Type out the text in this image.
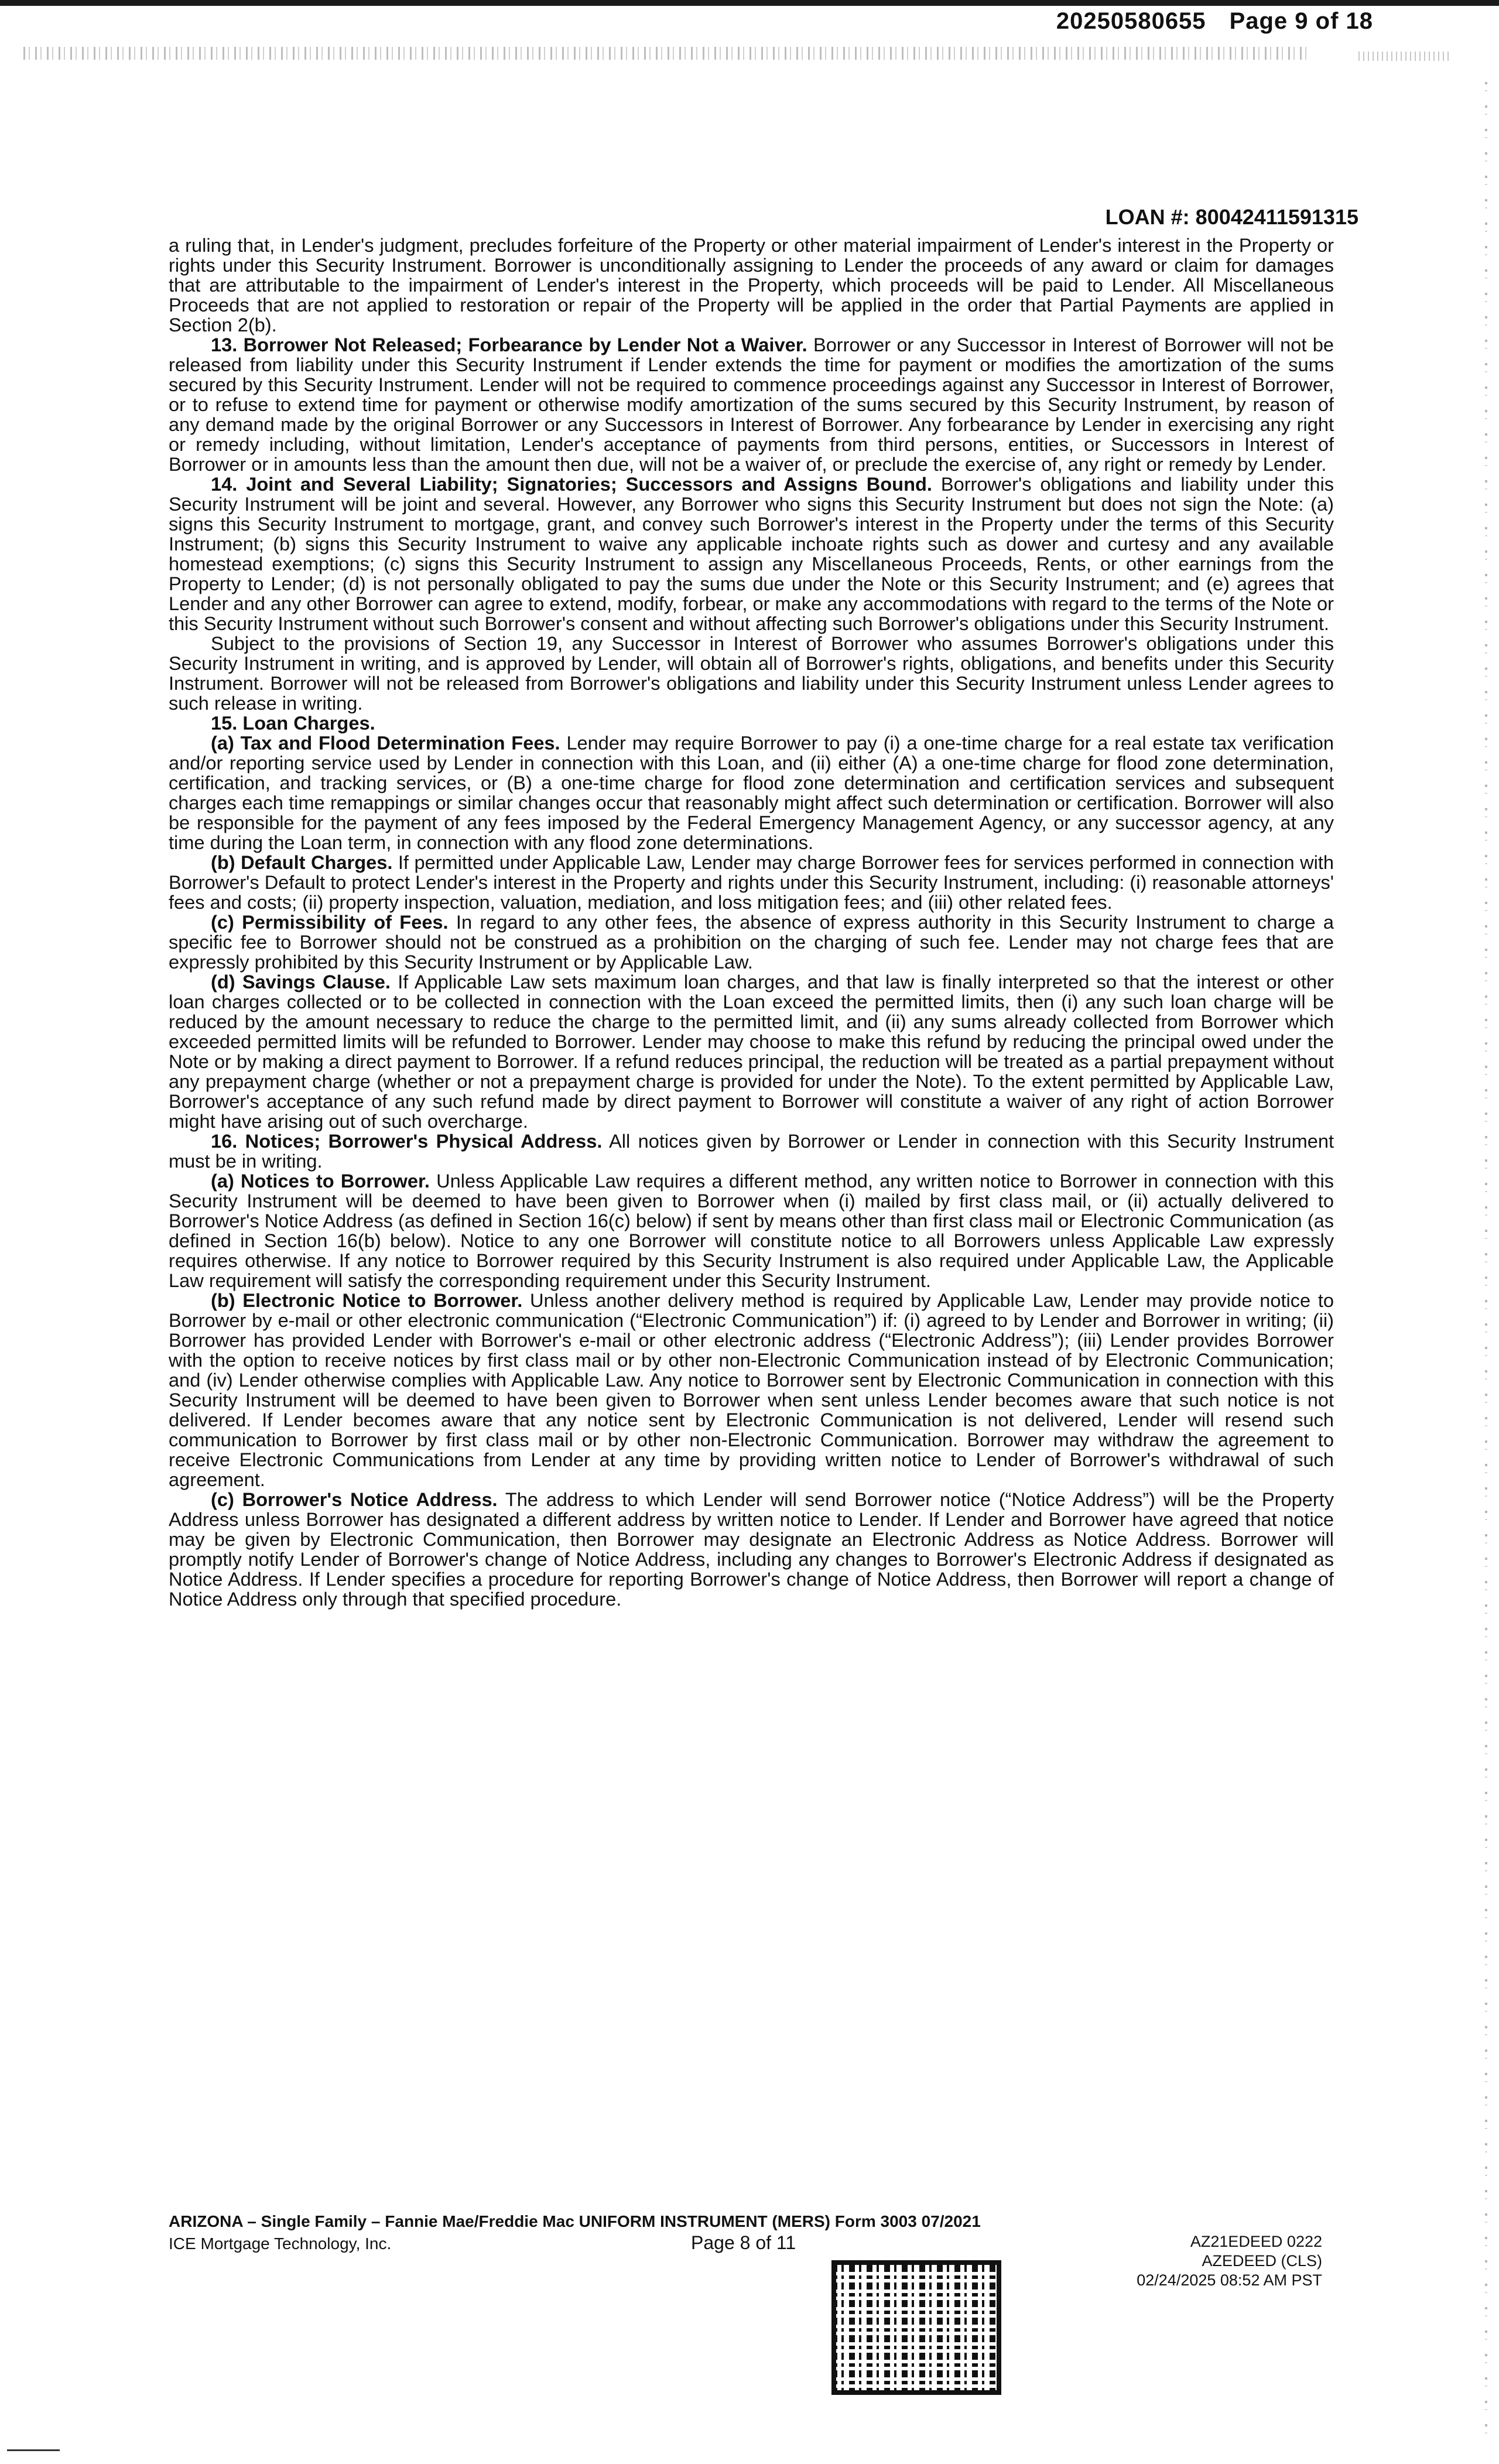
20250580655 Page 9 of 18
LOAN #: 80042411591315

a ruling that, in Lender's judgment, precludes forfeiture of the Property or other material impairment of Lender's interest in the Property or rights under this Security Instrument. Borrower is unconditionally assigning to Lender the proceeds of any award or claim for damages that are attributable to the impairment of Lender's interest in the Property, which proceeds will be paid to Lender. All Miscellaneous Proceeds that are not applied to restoration or repair of the Property will be applied in the order that Partial Payments are applied in Section 2(b).

13. Borrower Not Released; Forbearance by Lender Not a Waiver. Borrower or any Successor in Interest of Borrower will not be released from liability under this Security Instrument if Lender extends the time for payment or modifies the amortization of the sums secured by this Security Instrument. Lender will not be required to commence proceedings against any Successor in Interest of Borrower, or to refuse to extend time for payment or otherwise modify amortization of the sums secured by this Security Instrument, by reason of any demand made by the original Borrower or any Successors in Interest of Borrower. Any forbearance by Lender in exercising any right or remedy including, without limitation, Lender's acceptance of payments from third persons, entities, or Successors in Interest of Borrower or in amounts less than the amount then due, will not be a waiver of, or preclude the exercise of, any right or remedy by Lender.

14. Joint and Several Liability; Signatories; Successors and Assigns Bound. Borrower's obligations and liability under this Security Instrument will be joint and several. However, any Borrower who signs this Security Instrument but does not sign the Note: (a) signs this Security Instrument to mortgage, grant, and convey such Borrower's interest in the Property under the terms of this Security Instrument; (b) signs this Security Instrument to waive any applicable inchoate rights such as dower and curtesy and any available homestead exemptions; (c) signs this Security Instrument to assign any Miscellaneous Proceeds, Rents, or other earnings from the Property to Lender; (d) is not personally obligated to pay the sums due under the Note or this Security Instrument; and (e) agrees that Lender and any other Borrower can agree to extend, modify, forbear, or make any accommodations with regard to the terms of the Note or this Security Instrument without such Borrower's consent and without affecting such Borrower's obligations under this Security Instrument.

Subject to the provisions of Section 19, any Successor in Interest of Borrower who assumes Borrower's obligations under this Security Instrument in writing, and is approved by Lender, will obtain all of Borrower's rights, obligations, and benefits under this Security Instrument. Borrower will not be released from Borrower's obligations and liability under this Security Instrument unless Lender agrees to such release in writing.

15. Loan Charges.

(a) Tax and Flood Determination Fees. Lender may require Borrower to pay (i) a one-time charge for a real estate tax verification and/or reporting service used by Lender in connection with this Loan, and (ii) either (A) a one-time charge for flood zone determination, certification, and tracking services, or (B) a one-time charge for flood zone determination and certification services and subsequent charges each time remappings or similar changes occur that reasonably might affect such determination or certification. Borrower will also be responsible for the payment of any fees imposed by the Federal Emergency Management Agency, or any successor agency, at any time during the Loan term, in connection with any flood zone determinations.

(b) Default Charges. If permitted under Applicable Law, Lender may charge Borrower fees for services performed in connection with Borrower's Default to protect Lender's interest in the Property and rights under this Security Instrument, including: (i) reasonable attorneys' fees and costs; (ii) property inspection, valuation, mediation, and loss mitigation fees; and (iii) other related fees.

(c) Permissibility of Fees. In regard to any other fees, the absence of express authority in this Security Instrument to charge a specific fee to Borrower should not be construed as a prohibition on the charging of such fee. Lender may not charge fees that are expressly prohibited by this Security Instrument or by Applicable Law.

(d) Savings Clause. If Applicable Law sets maximum loan charges, and that law is finally interpreted so that the interest or other loan charges collected or to be collected in connection with the Loan exceed the permitted limits, then (i) any such loan charge will be reduced by the amount necessary to reduce the charge to the permitted limit, and (ii) any sums already collected from Borrower which exceeded permitted limits will be refunded to Borrower. Lender may choose to make this refund by reducing the principal owed under the Note or by making a direct payment to Borrower. If a refund reduces principal, the reduction will be treated as a partial prepayment without any prepayment charge (whether or not a prepayment charge is provided for under the Note). To the extent permitted by Applicable Law, Borrower's acceptance of any such refund made by direct payment to Borrower will constitute a waiver of any right of action Borrower might have arising out of such overcharge.

16. Notices; Borrower's Physical Address. All notices given by Borrower or Lender in connection with this Security Instrument must be in writing.

(a) Notices to Borrower. Unless Applicable Law requires a different method, any written notice to Borrower in connection with this Security Instrument will be deemed to have been given to Borrower when (i) mailed by first class mail, or (ii) actually delivered to Borrower's Notice Address (as defined in Section 16(c) below) if sent by means other than first class mail or Electronic Communication (as defined in Section 16(b) below). Notice to any one Borrower will constitute notice to all Borrowers unless Applicable Law expressly requires otherwise. If any notice to Borrower required by this Security Instrument is also required under Applicable Law, the Applicable Law requirement will satisfy the corresponding requirement under this Security Instrument.

(b) Electronic Notice to Borrower. Unless another delivery method is required by Applicable Law, Lender may provide notice to Borrower by e-mail or other electronic communication (“Electronic Communication”) if: (i) agreed to by Lender and Borrower in writing; (ii) Borrower has provided Lender with Borrower's e-mail or other electronic address (“Electronic Address”); (iii) Lender provides Borrower with the option to receive notices by first class mail or by other non-Electronic Communication instead of by Electronic Communication; and (iv) Lender otherwise complies with Applicable Law. Any notice to Borrower sent by Electronic Communication in connection with this Security Instrument will be deemed to have been given to Borrower when sent unless Lender becomes aware that such notice is not delivered. If Lender becomes aware that any notice sent by Electronic Communication is not delivered, Lender will resend such communication to Borrower by first class mail or by other non-Electronic Communication. Borrower may withdraw the agreement to receive Electronic Communications from Lender at any time by providing written notice to Lender of Borrower's withdrawal of such agreement.

(c) Borrower's Notice Address. The address to which Lender will send Borrower notice (“Notice Address”) will be the Property Address unless Borrower has designated a different address by written notice to Lender. If Lender and Borrower have agreed that notice may be given by Electronic Communication, then Borrower may designate an Electronic Address as Notice Address. Borrower will promptly notify Lender of Borrower's change of Notice Address, including any changes to Borrower's Electronic Address if designated as Notice Address. If Lender specifies a procedure for reporting Borrower's change of Notice Address, then Borrower will report a change of Notice Address only through that specified procedure.

ARIZONA – Single Family – Fannie Mae/Freddie Mac UNIFORM INSTRUMENT (MERS) Form 3003 07/2021
ICE Mortgage Technology, Inc.	Page 8 of 11	AZ21EDEED 0222
AZEDEED (CLS)
02/24/2025 08:52 AM PST
